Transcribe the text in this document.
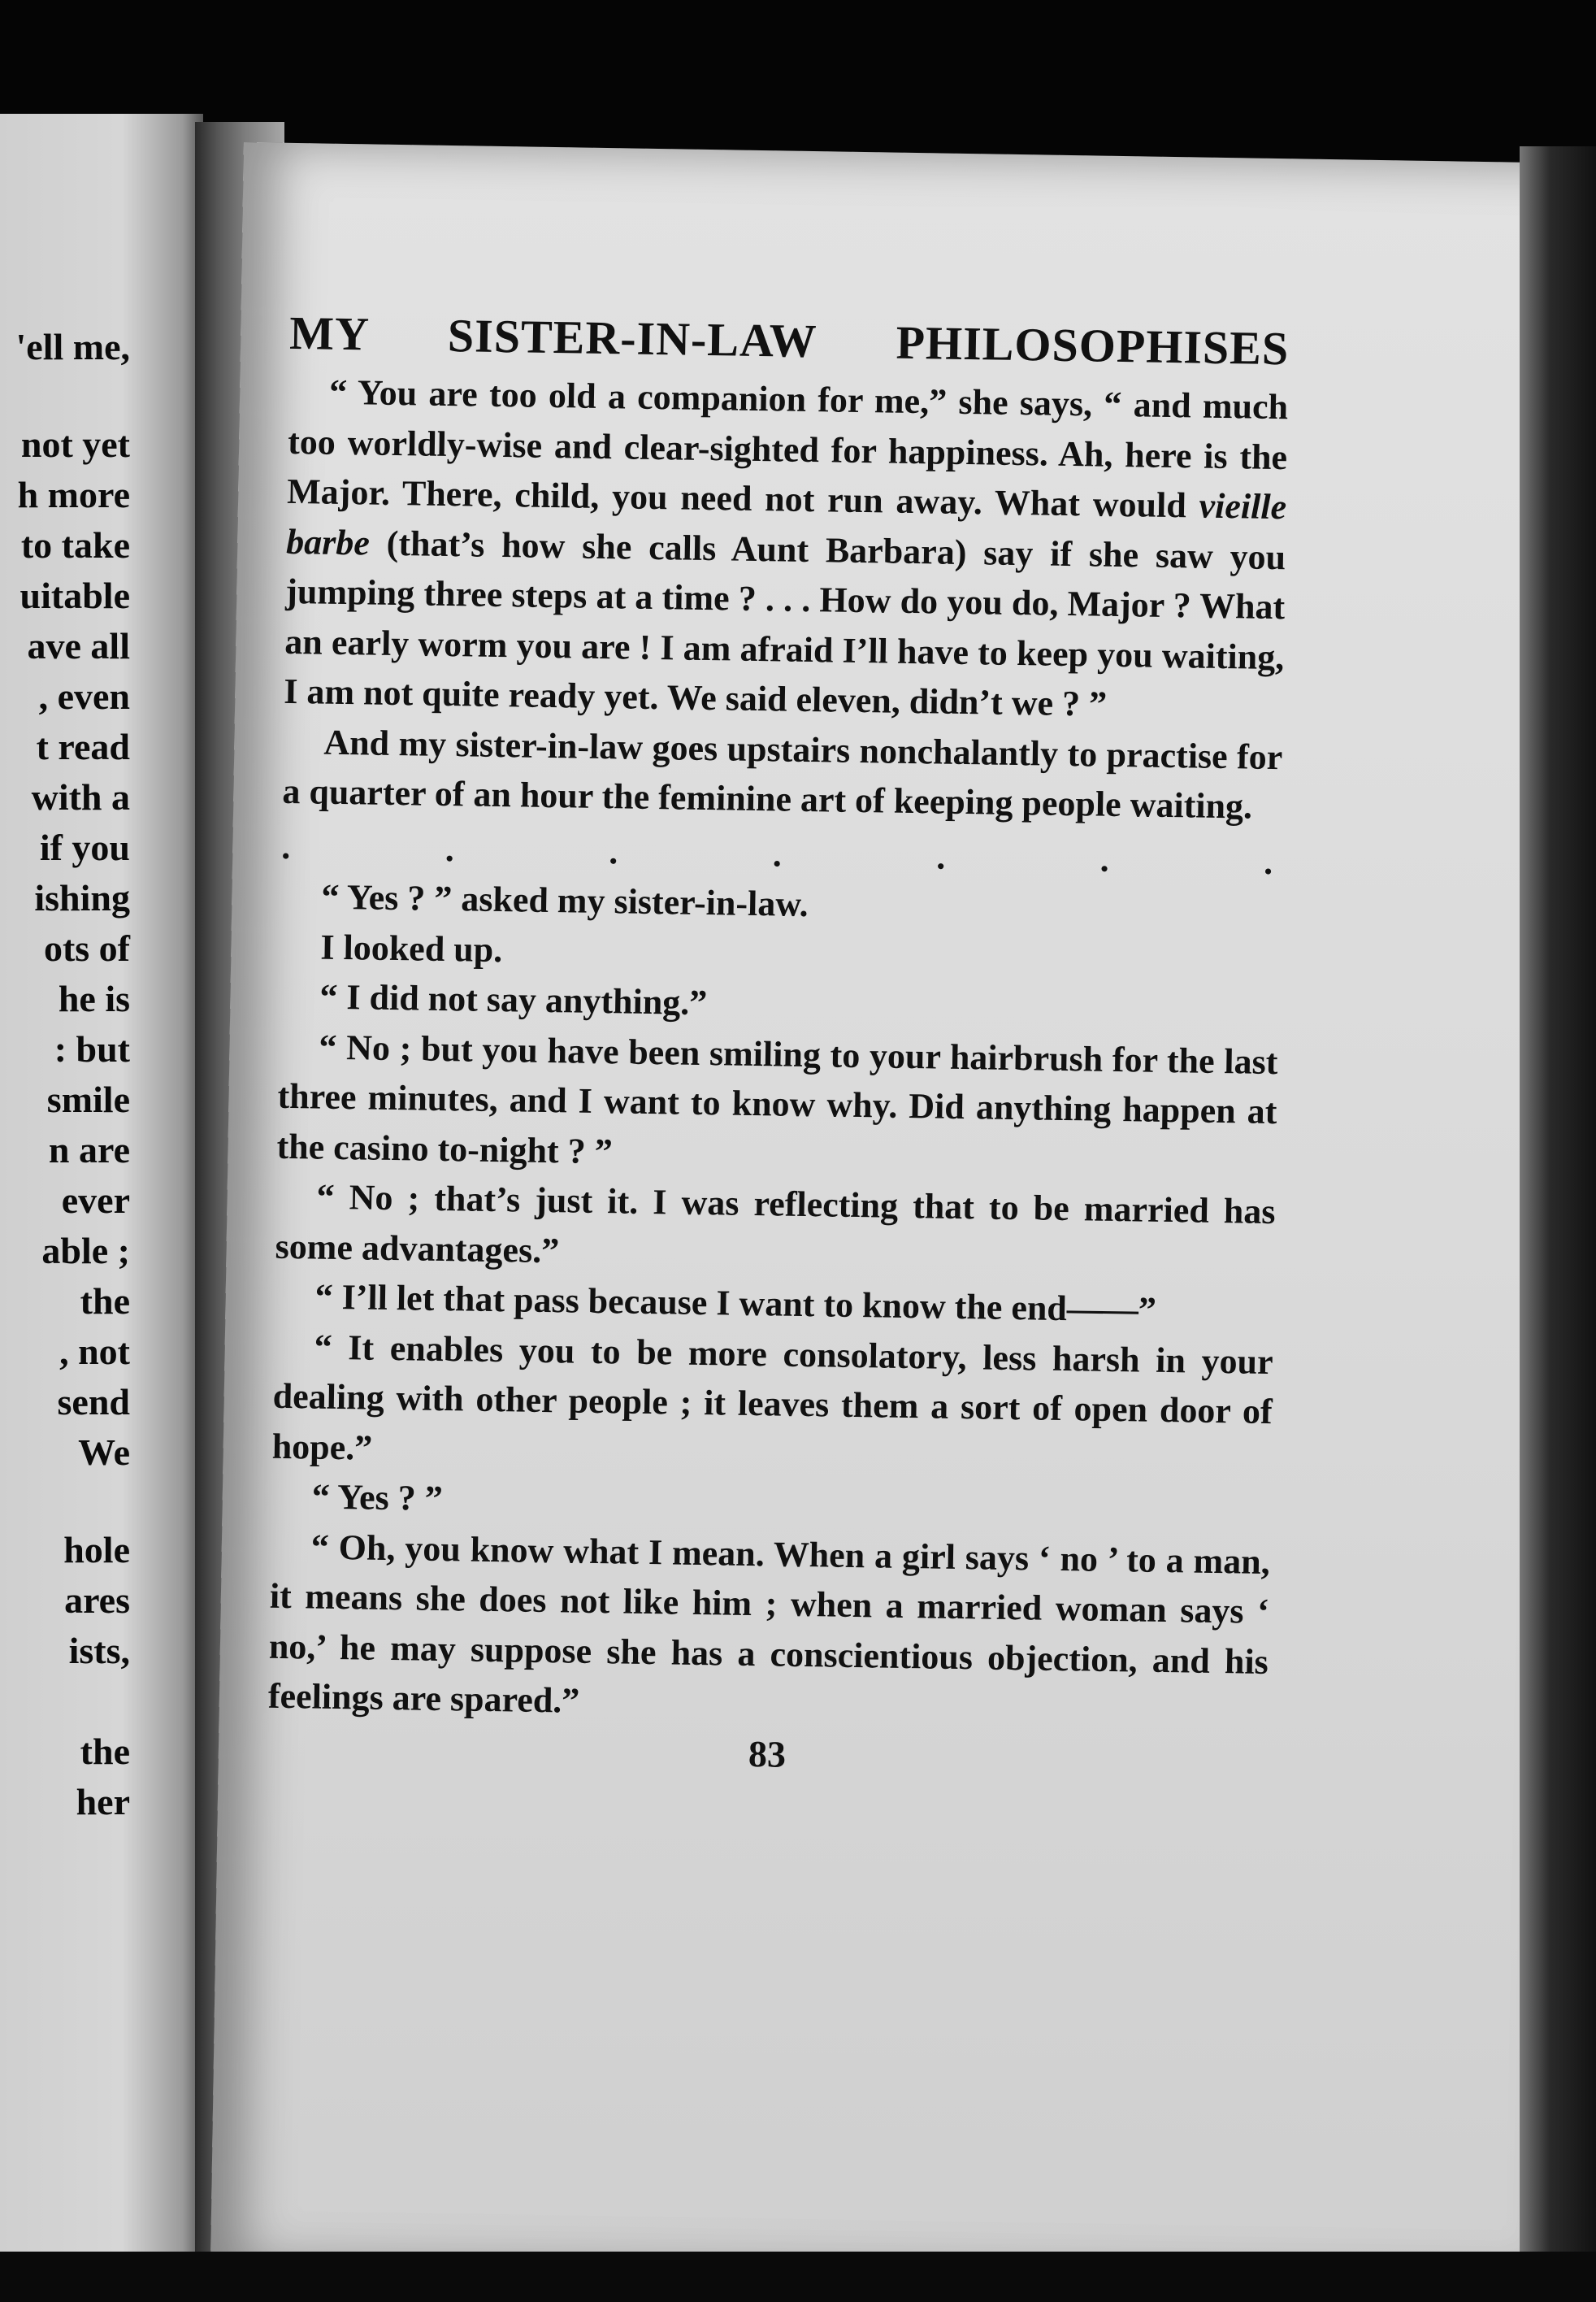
'ell me,

not yet

h more

to take

uitable

ave all

, even

t read

with a

if you

ishing

ots of

he is

: but

smile

n are

ever

able ;

the

, not

send

We

hole

ares

ists,

the

her

MY SISTER-IN-LAW PHILOSOPHISES

“ You are too old a companion for me,” she says, “ and much too worldly-wise and clear-sighted for happiness. Ah, here is the Major. There, child, you need not run away. What would vieille barbe (that’s how she calls Aunt Barbara) say if she saw you jumping three steps at a time ? . . . How do you do, Major ? What an early worm you are ! I am afraid I’ll have to keep you waiting, I am not quite ready yet. We said eleven, didn’t we ? ”

And my sister-in-law goes upstairs nonchalantly to practise for a quarter of an hour the feminine art of keeping people waiting.

.	.	.	.	.	.	.

“ Yes ? ” asked my sister-in-law.

I looked up.

“ I did not say anything.”

“ No ; but you have been smiling to your hairbrush for the last three minutes, and I want to know why. Did anything happen at the casino to-night ? ”

“ No ; that’s just it. I was reflecting that to be married has some advantages.”

“ I’ll let that pass because I want to know the end——”

“ It enables you to be more consolatory, less harsh in your dealing with other people ; it leaves them a sort of open door of hope.”

“ Yes ? ”

“ Oh, you know what I mean. When a girl says ‘ no ’ to a man, it means she does not like him ; when a married woman says ‘ no,’ he may suppose she has a conscientious objection, and his feelings are spared.”

83
